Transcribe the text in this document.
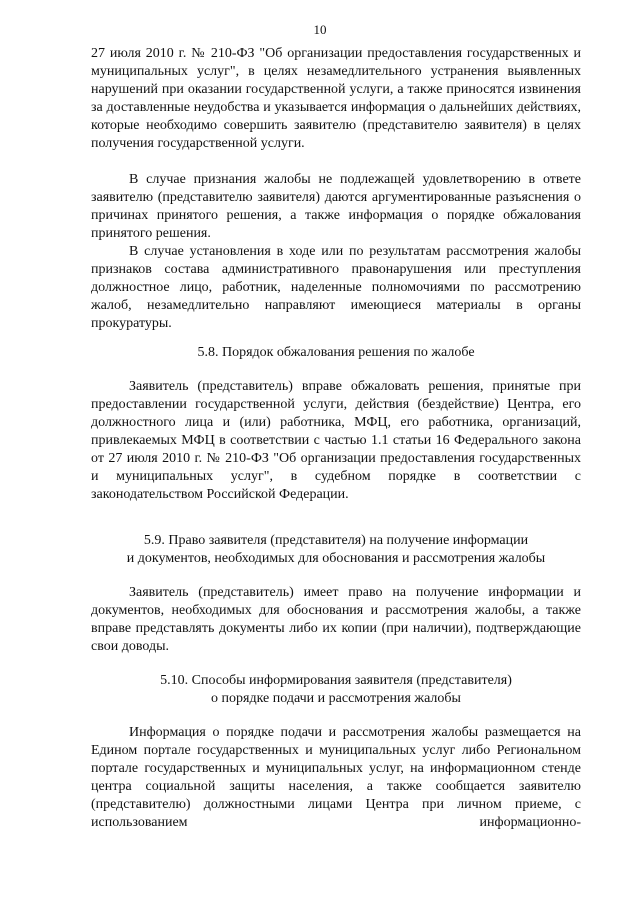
10

27 июля 2010 г. № 210-ФЗ "Об организации предоставления государственных и муниципальных услуг", в целях незамедлительного устранения выявленных нарушений при оказании государственной услуги, а также приносятся извинения за доставленные неудобства и указывается информация о дальнейших действиях, которые необходимо совершить заявителю (представителю заявителя) в целях получения государственной услуги.

В случае признания жалобы не подлежащей удовлетворению в ответе заявителю (представителю заявителя) даются аргументированные разъяснения о причинах принятого решения, а также информация о порядке обжалования принятого решения.

В случае установления в ходе или по результатам рассмотрения жалобы признаков состава административного правонарушения или преступления должностное лицо, работник, наделенные полномочиями по рассмотрению жалоб, незамедлительно направляют имеющиеся материалы в органы прокуратуры.

5.8. Порядок обжалования решения по жалобе

Заявитель (представитель) вправе обжаловать решения, принятые при предоставлении государственной услуги, действия (бездействие) Центра, его должностного лица и (или) работника, МФЦ, его работника, организаций, привлекаемых МФЦ в соответствии с частью 1.1 статьи 16 Федерального закона от 27 июля 2010 г. № 210-ФЗ "Об организации предоставления государственных и муниципальных услуг", в судебном порядке в соответствии с законодательством Российской Федерации.

5.9. Право заявителя (представителя) на получение информации

и документов, необходимых для обоснования и рассмотрения жалобы

Заявитель (представитель) имеет право на получение информации и документов, необходимых для обоснования и рассмотрения жалобы, а также вправе представлять документы либо их копии (при наличии), подтверждающие свои доводы.

5.10. Способы информирования заявителя (представителя)

о порядке подачи и рассмотрения жалобы

Информация о порядке подачи и рассмотрения жалобы размещается на Едином портале государственных и муниципальных услуг либо Региональном портале государственных и муниципальных услуг, на информационном стенде центра социальной защиты населения, а также сообщается заявителю (представителю) должностными лицами Центра при личном приеме, с использованием информационно-
